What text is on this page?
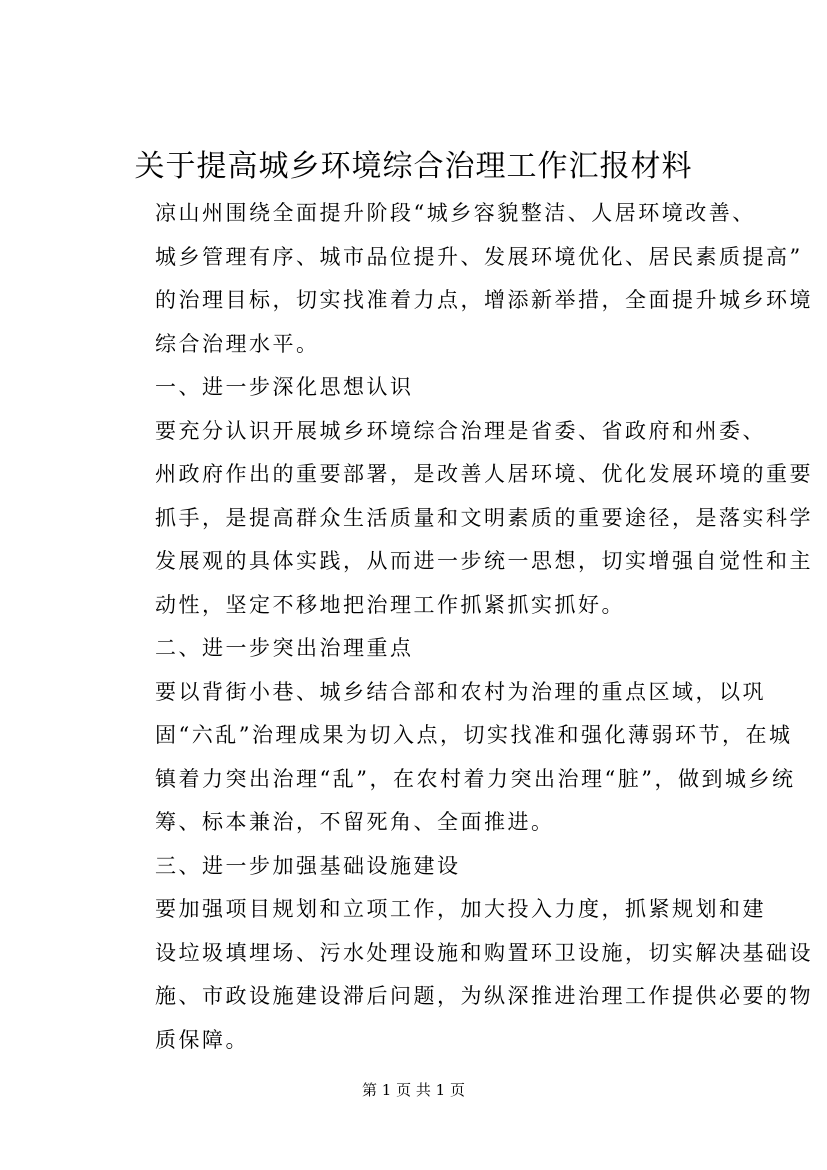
关于提高城乡环境综合治理工作汇报材料

凉山州围绕全面提升阶段“城乡容貌整洁、人居环境改善、
城乡管理有序、城市品位提升、发展环境优化、居民素质提高”
的治理目标，切实找准着力点，增添新举措，全面提升城乡环境
综合治理水平。

一、进一步深化思想认识

要充分认识开展城乡环境综合治理是省委、省政府和州委、
州政府作出的重要部署，是改善人居环境、优化发展环境的重要
抓手，是提高群众生活质量和文明素质的重要途径，是落实科学
发展观的具体实践，从而进一步统一思想，切实增强自觉性和主
动性，坚定不移地把治理工作抓紧抓实抓好。

二、进一步突出治理重点

要以背街小巷、城乡结合部和农村为治理的重点区域，以巩
固“六乱”治理成果为切入点，切实找准和强化薄弱环节，在城
镇着力突出治理“乱”，在农村着力突出治理“脏”，做到城乡统
筹、标本兼治，不留死角、全面推进。

三、进一步加强基础设施建设

要加强项目规划和立项工作，加大投入力度，抓紧规划和建
设垃圾填埋场、污水处理设施和购置环卫设施，切实解决基础设
施、市政设施建设滞后问题，为纵深推进治理工作提供必要的物
质保障。

第 1 页 共 1 页
